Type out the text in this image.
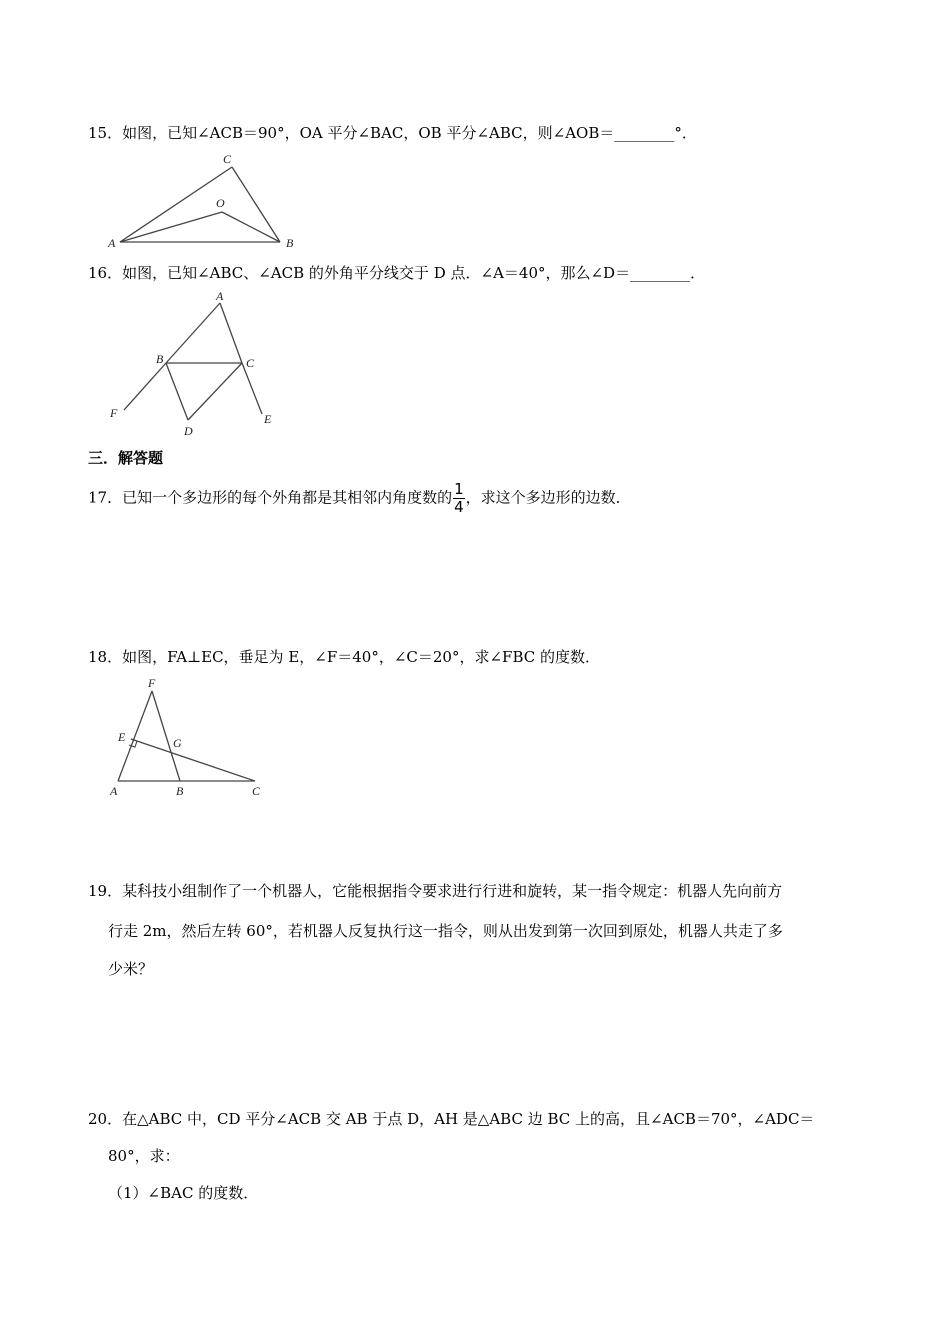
15．如图，已知∠ACB＝90°，OA 平分∠BAC，OB 平分∠ABC，则∠AOB＝________°．
A	B
C
O
16．如图，已知∠ABC、∠ACB 的外角平分线交于 D 点．∠A＝40°，那么∠D＝________．
A
B	C
D
E
F
三．解答题
17．已知一个多边形的每个外角都是其相邻内角度数的 $\frac{1}{4}$ ，求这个多边形的边数．
18．如图，FA⊥EC，垂足为 E，∠F＝40°，∠C＝20°，求∠FBC 的度数．
F
E	G
A	B	C
19．某科技小组制作了一个机器人，它能根据指令要求进行行进和旋转，某一指令规定：机器人先向前方
行走 2m，然后左转 60°，若机器人反复执行这一指令，则从出发到第一次回到原处，机器人共走了多
少米？
20．在△ABC 中，CD 平分∠ACB 交 AB 于点 D，AH 是△ABC 边 BC 上的高，且∠ACB＝70°，∠ADC＝
80°，求：
（1）∠BAC 的度数．
